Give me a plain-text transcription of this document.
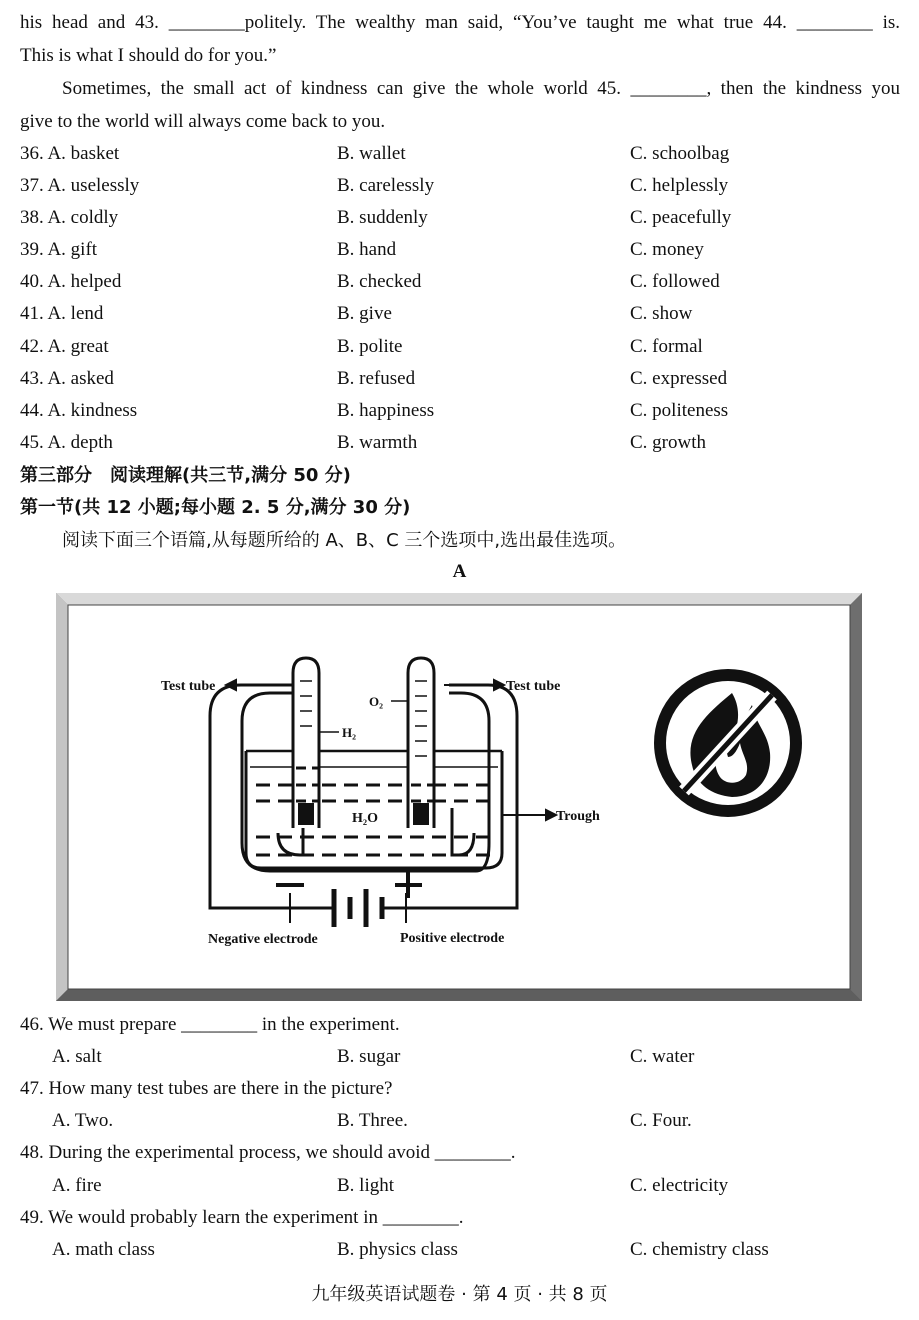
his head and 43. ________politely. The wealthy man said, “You’ve taught me what true 44. ________ is.
This is what I should do for you.”
Sometimes, the small act of kindness can give the whole world 45. ________, then the kindness you
give to the world will always come back to you.
36. A. basket	B. wallet	C. schoolbag
37. A. uselessly	B. carelessly	C. helplessly
38. A. coldly	B. suddenly	C. peacefully
39. A. gift	B. hand	C. money
40. A. helped	B. checked	C. followed
41. A. lend	B. give	C. show
42. A. great	B. polite	C. formal
43. A. asked	B. refused	C. expressed
44. A. kindness	B. happiness	C. politeness
45. A. depth	B. warmth	C. growth
第三部分　阅读理解(共三节,满分 50 分)
第一节(共 12 小题;每小题 2. 5 分,满分 30 分)
阅读下面三个语篇,从每题所给的 A、B、C 三个选项中,选出最佳选项。
A
Test tube	Test tube
O₂
H₂
H₂O	Trough
Negative electrode	Positive electrode
46. We must prepare ________ in the experiment.
A. salt	B. sugar	C. water
47. How many test tubes are there in the picture?
A. Two.	B. Three.	C. Four.
48. During the experimental process, we should avoid ________.
A. fire	B. light	C. electricity
49. We would probably learn the experiment in ________.
A. math class	B. physics class	C. chemistry class
九年级英语试题卷 · 第 4 页 · 共 8 页
